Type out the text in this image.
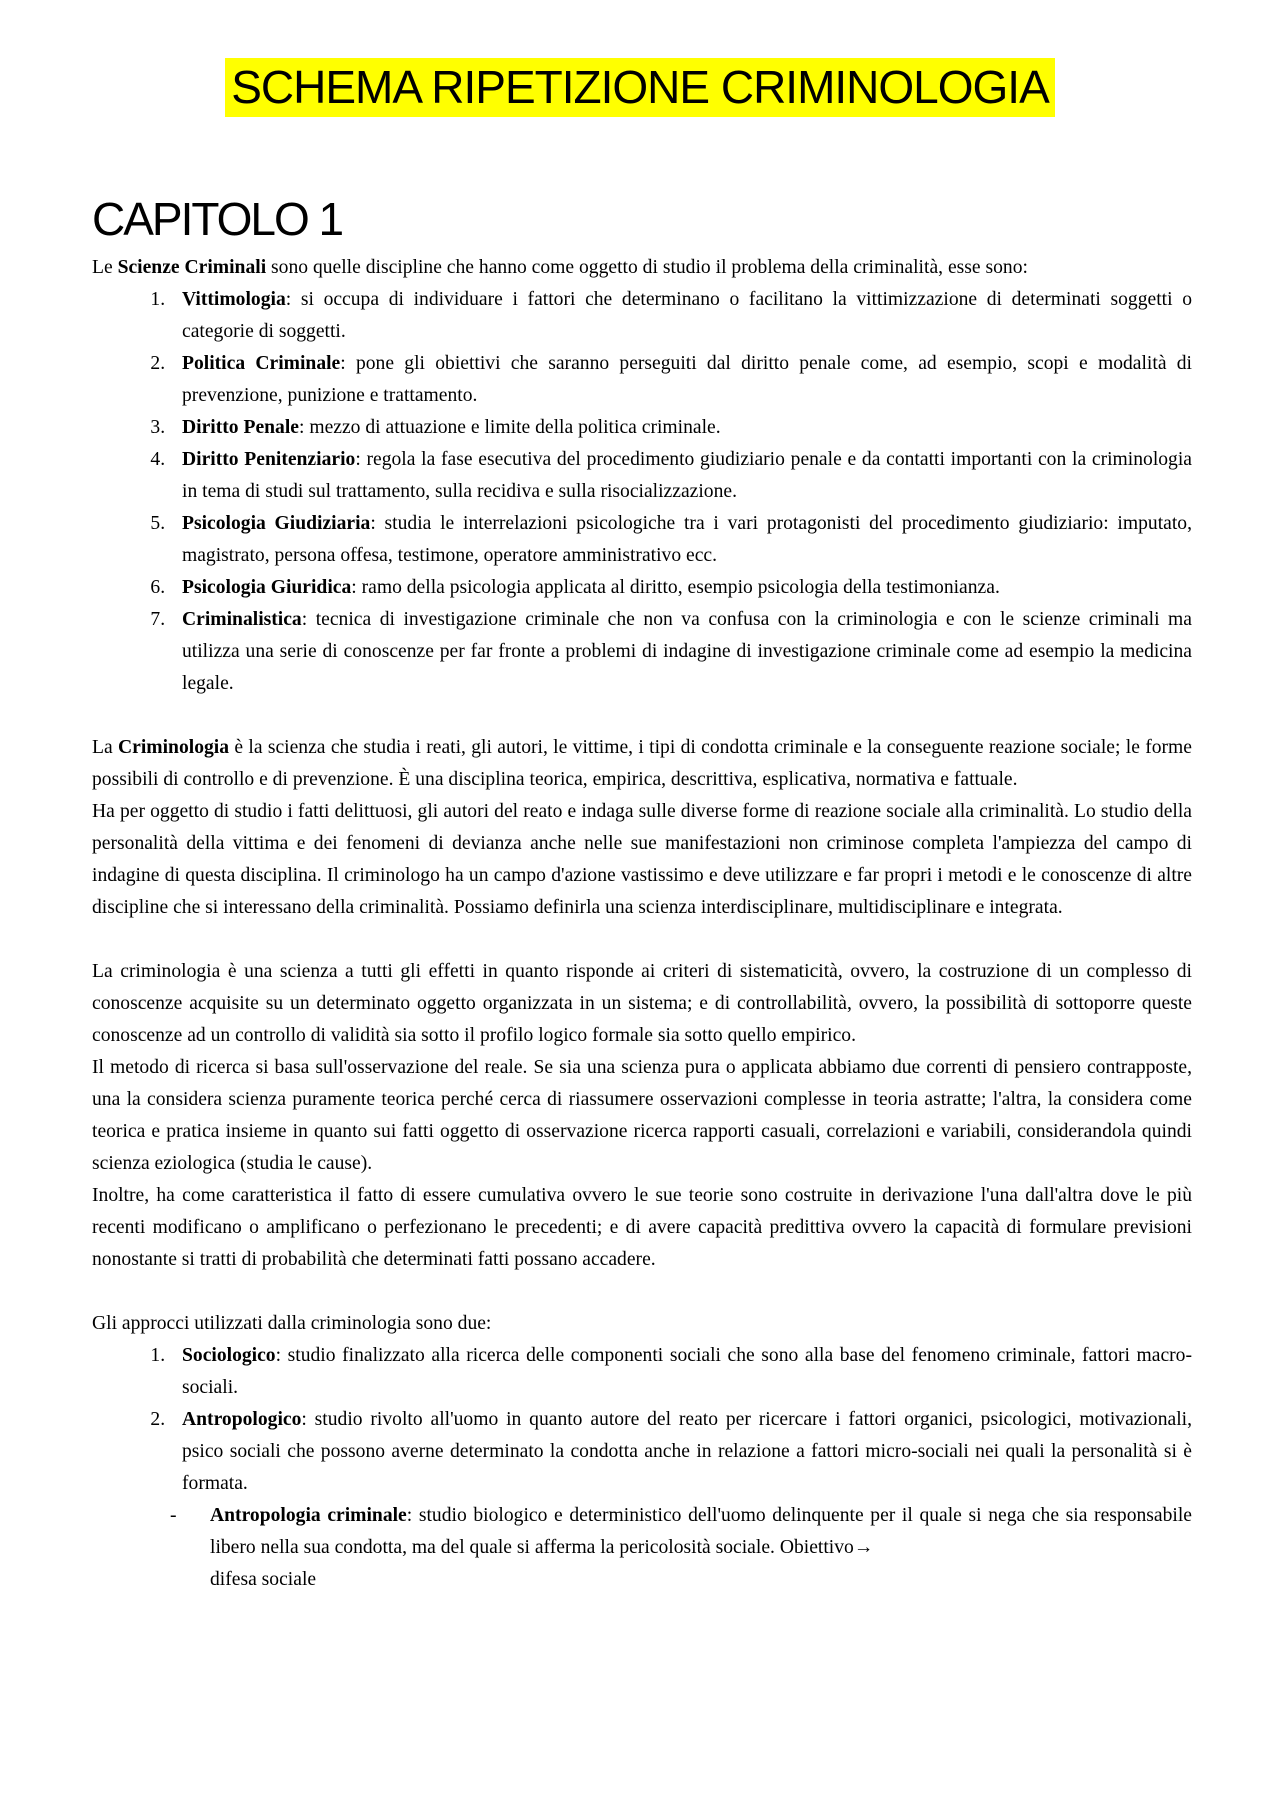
SCHEMA RIPETIZIONE CRIMINOLOGIA
CAPITOLO 1

Le Scienze Criminali sono quelle discipline che hanno come oggetto di studio il problema della criminalità, esse sono:

1. Vittimologia: si occupa di individuare i fattori che determinano o facilitano la vittimizzazione di determinati soggetti o categorie di soggetti.
2. Politica Criminale: pone gli obiettivi che saranno perseguiti dal diritto penale come, ad esempio, scopi e modalità di prevenzione, punizione e trattamento.
3. Diritto Penale: mezzo di attuazione e limite della politica criminale.
4. Diritto Penitenziario: regola la fase esecutiva del procedimento giudiziario penale e da contatti importanti con la criminologia in tema di studi sul trattamento, sulla recidiva e sulla risocializzazione.
5. Psicologia Giudiziaria: studia le interrelazioni psicologiche tra i vari protagonisti del procedimento giudiziario: imputato, magistrato, persona offesa, testimone, operatore amministrativo ecc.
6. Psicologia Giuridica: ramo della psicologia applicata al diritto, esempio psicologia della testimonianza.
7. Criminalistica: tecnica di investigazione criminale che non va confusa con la criminologia e con le scienze criminali ma utilizza una serie di conoscenze per far fronte a problemi di indagine di investigazione criminale come ad esempio la medicina legale.

La Criminologia è la scienza che studia i reati, gli autori, le vittime, i tipi di condotta criminale e la conseguente reazione sociale; le forme possibili di controllo e di prevenzione. È una disciplina teorica, empirica, descrittiva, esplicativa, normativa e fattuale.

Ha per oggetto di studio i fatti delittuosi, gli autori del reato e indaga sulle diverse forme di reazione sociale alla criminalità. Lo studio della personalità della vittima e dei fenomeni di devianza anche nelle sue manifestazioni non criminose completa l'ampiezza del campo di indagine di questa disciplina. Il criminologo ha un campo d'azione vastissimo e deve utilizzare e far propri i metodi e le conoscenze di altre discipline che si interessano della criminalità. Possiamo definirla una scienza interdisciplinare, multidisciplinare e integrata.

La criminologia è una scienza a tutti gli effetti in quanto risponde ai criteri di sistematicità, ovvero, la costruzione di un complesso di conoscenze acquisite su un determinato oggetto organizzata in un sistema; e di controllabilità, ovvero, la possibilità di sottoporre queste conoscenze ad un controllo di validità sia sotto il profilo logico formale sia sotto quello empirico.

Il metodo di ricerca si basa sull'osservazione del reale. Se sia una scienza pura o applicata abbiamo due correnti di pensiero contrapposte, una la considera scienza puramente teorica perché cerca di riassumere osservazioni complesse in teoria astratte; l'altra, la considera come teorica e pratica insieme in quanto sui fatti oggetto di osservazione ricerca rapporti casuali, correlazioni e variabili, considerandola quindi scienza eziologica (studia le cause).

Inoltre, ha come caratteristica il fatto di essere cumulativa ovvero le sue teorie sono costruite in derivazione l'una dall'altra dove le più recenti modificano o amplificano o perfezionano le precedenti; e di avere capacità predittiva ovvero la capacità di formulare previsioni nonostante si tratti di probabilità che determinati fatti possano accadere.

Gli approcci utilizzati dalla criminologia sono due:

1. Sociologico: studio finalizzato alla ricerca delle componenti sociali che sono alla base del fenomeno criminale, fattori macro-sociali.
2. Antropologico: studio rivolto all'uomo in quanto autore del reato per ricercare i fattori organici, psicologici, motivazionali, psico sociali che possono averne determinato la condotta anche in relazione a fattori micro-sociali nei quali la personalità si è formata.
- Antropologia criminale: studio biologico e deterministico dell'uomo delinquente per il quale si nega che sia responsabile libero nella sua condotta, ma del quale si afferma la pericolosità sociale. Obiettivo→
difesa sociale
